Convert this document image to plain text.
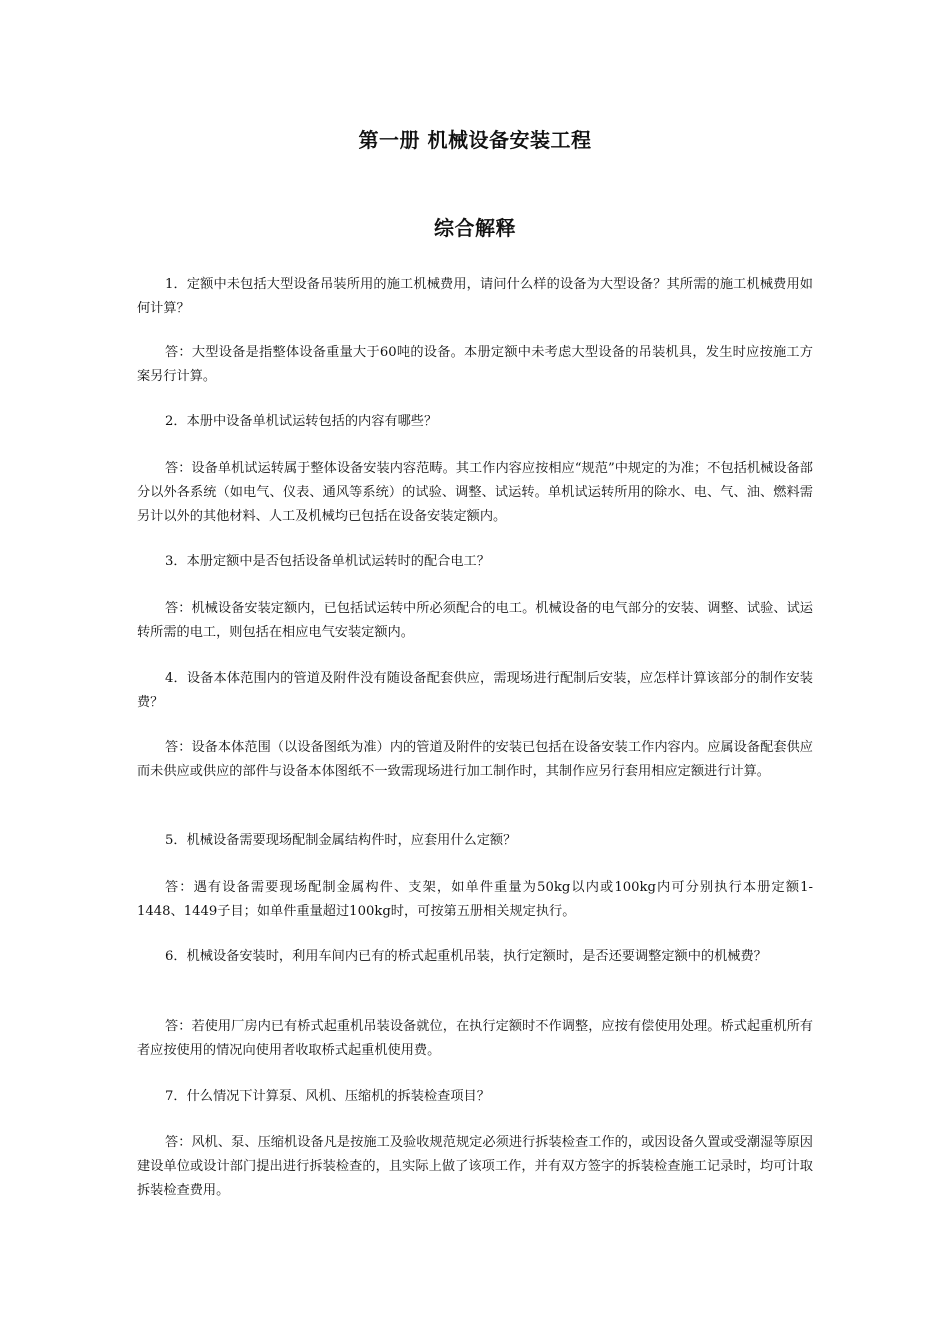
第一册 机械设备安装工程
综合解释

1．定额中未包括大型设备吊装所用的施工机械费用，请问什么样的设备为大型设备？其所需的施工机械费用如何计算？

答：大型设备是指整体设备重量大于60吨的设备。本册定额中未考虑大型设备的吊装机具，发生时应按施工方案另行计算。

2．本册中设备单机试运转包括的内容有哪些？

答：设备单机试运转属于整体设备安装内容范畴。其工作内容应按相应“规范”中规定的为准；不包括机械设备部分以外各系统（如电气、仪表、通风等系统）的试验、调整、试运转。单机试运转所用的除水、电、气、油、燃料需另计以外的其他材料、人工及机械均已包括在设备安装定额内。

3．本册定额中是否包括设备单机试运转时的配合电工？

答：机械设备安装定额内，已包括试运转中所必须配合的电工。机械设备的电气部分的安装、调整、试验、试运转所需的电工，则包括在相应电气安装定额内。

4．设备本体范围内的管道及附件没有随设备配套供应，需现场进行配制后安装，应怎样计算该部分的制作安装费？

答：设备本体范围（以设备图纸为准）内的管道及附件的安装已包括在设备安装工作内容内。应属设备配套供应而未供应或供应的部件与设备本体图纸不一致需现场进行加工制作时，其制作应另行套用相应定额进行计算。

5．机械设备需要现场配制金属结构件时，应套用什么定额？

答：遇有设备需要现场配制金属构件、支架，如单件重量为50kg以内或100kg内可分别执行本册定额1-1448、1449子目；如单件重量超过100kg时，可按第五册相关规定执行。

6．机械设备安装时，利用车间内已有的桥式起重机吊装，执行定额时，是否还要调整定额中的机械费？

答：若使用厂房内已有桥式起重机吊装设备就位，在执行定额时不作调整，应按有偿使用处理。桥式起重机所有者应按使用的情况向使用者收取桥式起重机使用费。

7．什么情况下计算泵、风机、压缩机的拆装检查项目？

答：风机、泵、压缩机设备凡是按施工及验收规范规定必须进行拆装检查工作的，或因设备久置或受潮湿等原因建设单位或设计部门提出进行拆装检查的，且实际上做了该项工作，并有双方签字的拆装检查施工记录时，均可计取拆装检查费用。
